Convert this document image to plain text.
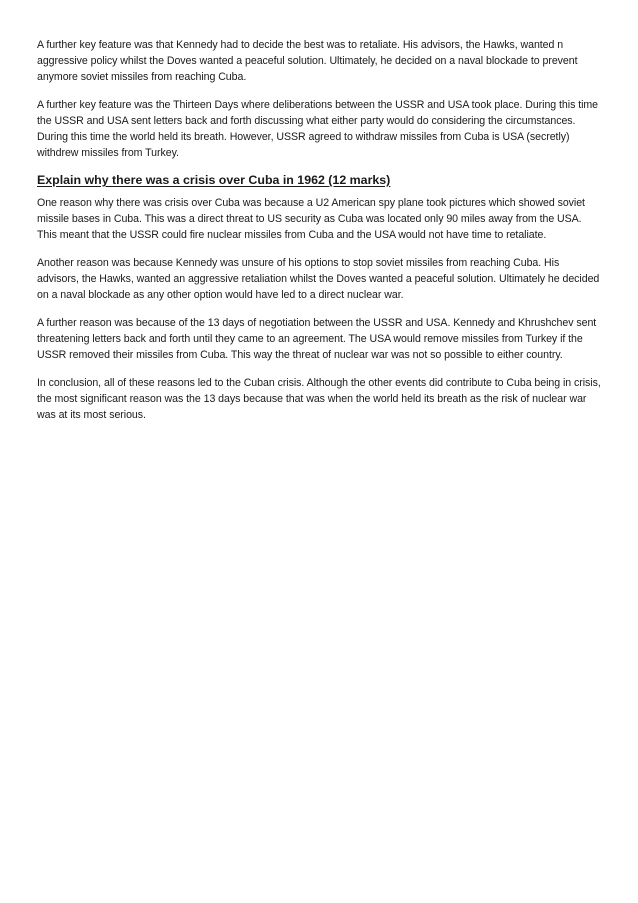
A further key feature was that Kennedy had to decide the best was to retaliate. His advisors, the Hawks, wanted n aggressive policy whilst the Doves wanted a peaceful solution. Ultimately, he decided on a naval blockade to prevent anymore soviet missiles from reaching Cuba.

A further key feature was the Thirteen Days where deliberations between the USSR and USA took place. During this time the USSR and USA sent letters back and forth discussing what either party would do considering the circumstances. During this time the world held its breath. However, USSR agreed to withdraw missiles from Cuba is USA (secretly) withdrew missiles from Turkey.

Explain why there was a crisis over Cuba in 1962 (12 marks)

One reason why there was crisis over Cuba was because a U2 American spy plane took pictures which showed soviet missile bases in Cuba. This was a direct threat to US security as Cuba was located only 90 miles away from the USA. This meant that the USSR could fire nuclear missiles from Cuba and the USA would not have time to retaliate.

Another reason was because Kennedy was unsure of his options to stop soviet missiles from reaching Cuba. His advisors, the Hawks, wanted an aggressive retaliation whilst the Doves wanted a peaceful solution. Ultimately he decided on a naval blockade as any other option would have led to a direct nuclear war.

A further reason was because of the 13 days of negotiation between the USSR and USA. Kennedy and Khrushchev sent threatening letters back and forth until they came to an agreement. The USA would remove missiles from Turkey if the USSR removed their missiles from Cuba. This way the threat of nuclear war was not so possible to either country.

In conclusion, all of these reasons led to the Cuban crisis. Although the other events did contribute to Cuba being in crisis, the most significant reason was the 13 days because that was when the world held its breath as the risk of nuclear war was at its most serious.
